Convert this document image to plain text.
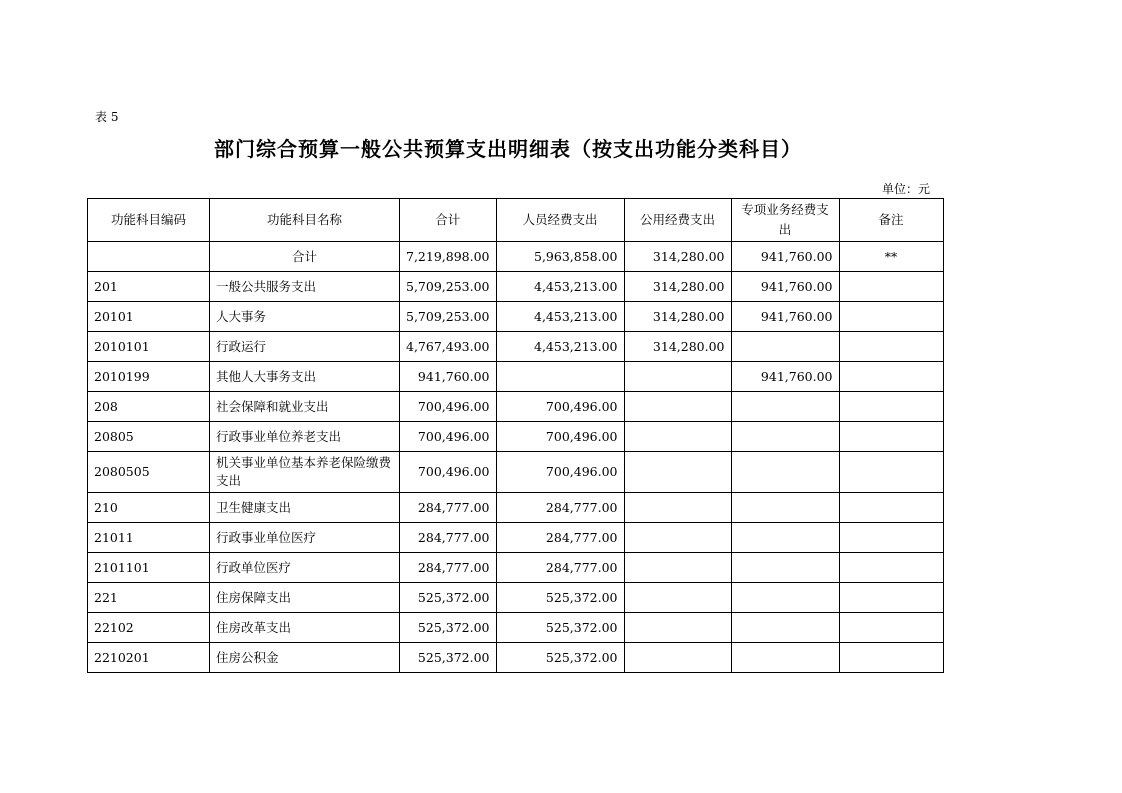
表 5
部门综合预算一般公共预算支出明细表（按支出功能分类科目）
单位：元
功能科目编码	功能科目名称	合计	人员经费支出	公用经费支出	专项业务经费支出	备注
	合计	7,219,898.00	5,963,858.00	314,280.00	941,760.00	**
201	一般公共服务支出	5,709,253.00	4,453,213.00	314,280.00	941,760.00	
20101	人大事务	5,709,253.00	4,453,213.00	314,280.00	941,760.00	
2010101	行政运行	4,767,493.00	4,453,213.00	314,280.00		
2010199	其他人大事务支出	941,760.00			941,760.00	
208	社会保障和就业支出	700,496.00	700,496.00			
20805	行政事业单位养老支出	700,496.00	700,496.00			
2080505	机关事业单位基本养老保险缴费支出	700,496.00	700,496.00			
210	卫生健康支出	284,777.00	284,777.00			
21011	行政事业单位医疗	284,777.00	284,777.00			
2101101	行政单位医疗	284,777.00	284,777.00			
221	住房保障支出	525,372.00	525,372.00			
22102	住房改革支出	525,372.00	525,372.00			
2210201	住房公积金	525,372.00	525,372.00			
